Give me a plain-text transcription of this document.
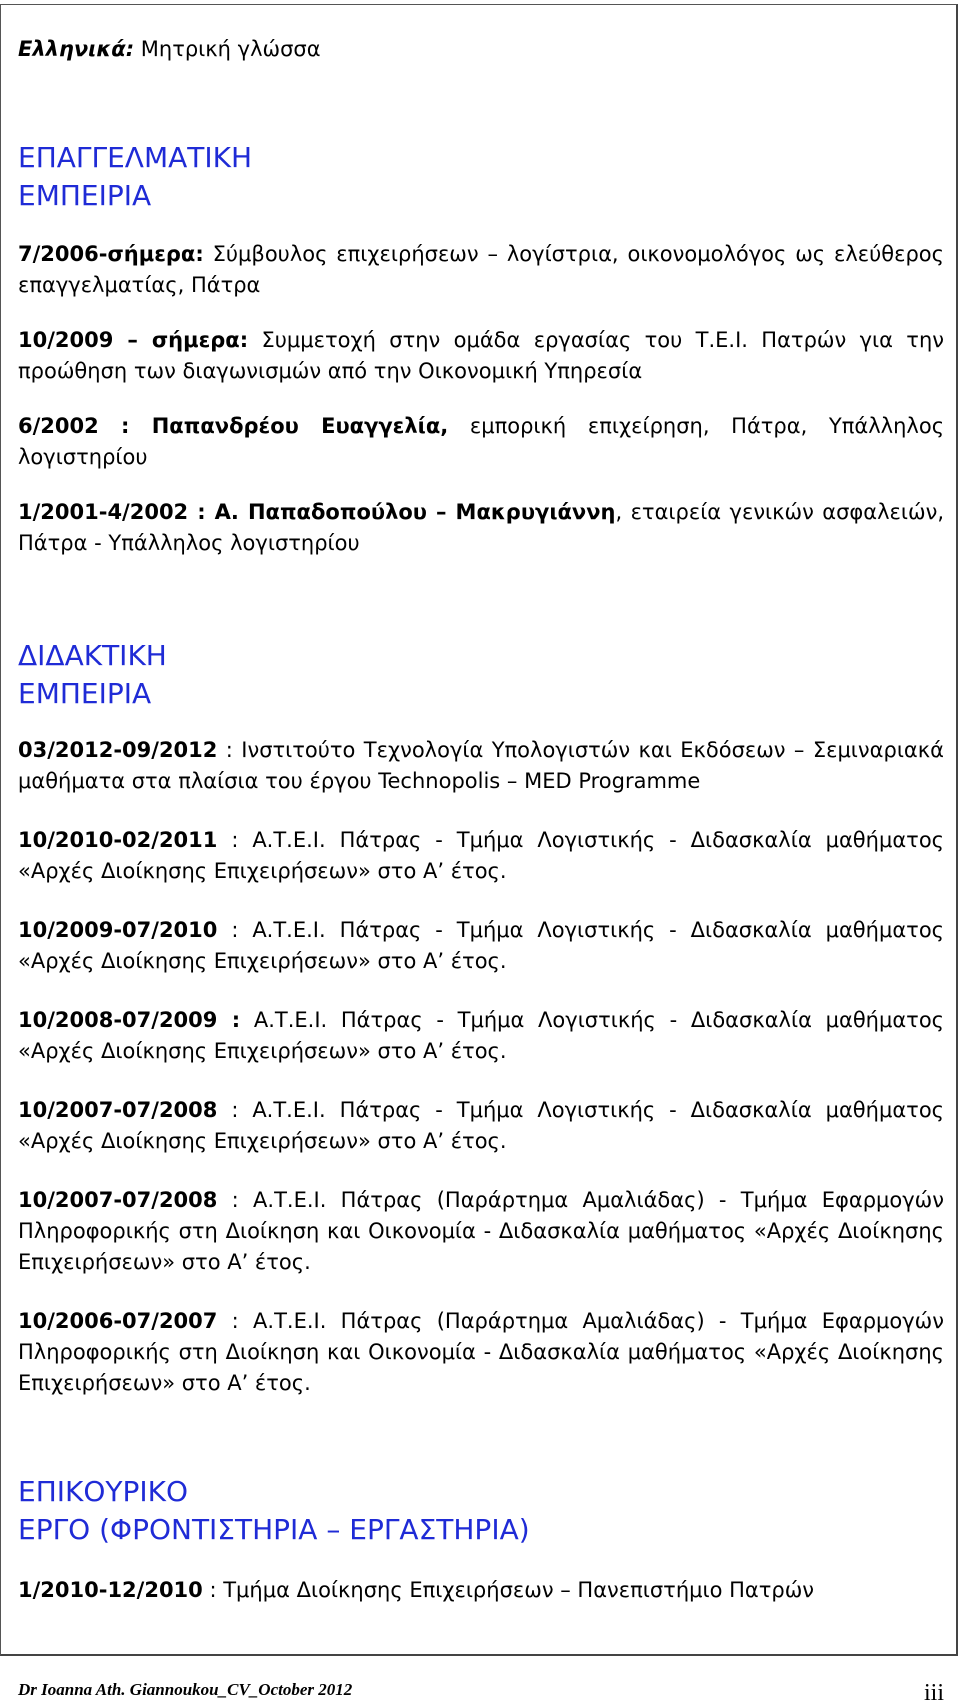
Ελληνικά: Μητρική γλώσσα

ΕΠΑΓΓΕΛΜΑΤΙΚΗ
ΕΜΠΕΙΡΙΑ

7/2006-σήμερα: Σύμβουλος επιχειρήσεων – λογίστρια, οικονομολόγος ως ελεύθερος επαγγελματίας, Πάτρα

10/2009 – σήμερα: Συμμετοχή στην ομάδα εργασίας του Τ.Ε.Ι. Πατρών για την προώθηση των διαγωνισμών από την Οικονομική Υπηρεσία

6/2002 : Παπανδρέου Ευαγγελία, εμπορική επιχείρηση, Πάτρα, Υπάλληλος λογιστηρίου

1/2001-4/2002 : Α. Παπαδοπούλου – Μακρυγιάννη, εταιρεία γενικών ασφαλειών, Πάτρα - Υπάλληλος λογιστηρίου

ΔΙΔΑΚΤΙΚΗ
ΕΜΠΕΙΡΙΑ

03/2012-09/2012 : Ινστιτούτο Τεχνολογία Υπολογιστών και Εκδόσεων – Σεμιναριακά μαθήματα στα πλαίσια του έργου Technopolis – MED Programme

10/2010-02/2011 : Α.Τ.Ε.Ι. Πάτρας - Τμήμα Λογιστικής - Διδασκαλία μαθήματος «Αρχές Διοίκησης Επιχειρήσεων» στο Α’ έτος.

10/2009-07/2010 : Α.Τ.Ε.Ι. Πάτρας - Τμήμα Λογιστικής - Διδασκαλία μαθήματος «Αρχές Διοίκησης Επιχειρήσεων» στο Α’ έτος.

10/2008-07/2009 : Α.Τ.Ε.Ι. Πάτρας - Τμήμα Λογιστικής - Διδασκαλία μαθήματος «Αρχές Διοίκησης Επιχειρήσεων» στο Α’ έτος.

10/2007-07/2008 : Α.Τ.Ε.Ι. Πάτρας - Τμήμα Λογιστικής - Διδασκαλία μαθήματος «Αρχές Διοίκησης Επιχειρήσεων» στο Α’ έτος.

10/2007-07/2008 : Α.Τ.Ε.Ι. Πάτρας (Παράρτημα Αμαλιάδας) - Τμήμα Εφαρμογών Πληροφορικής στη Διοίκηση και Οικονομία - Διδασκαλία μαθήματος «Αρχές Διοίκησης Επιχειρήσεων» στο Α’ έτος.

10/2006-07/2007 : Α.Τ.Ε.Ι. Πάτρας (Παράρτημα Αμαλιάδας) - Τμήμα Εφαρμογών Πληροφορικής στη Διοίκηση και Οικονομία - Διδασκαλία μαθήματος «Αρχές Διοίκησης Επιχειρήσεων» στο Α’ έτος.

ΕΠΙΚΟΥΡΙΚΟ
ΕΡΓΟ (ΦΡΟΝΤΙΣΤΗΡΙΑ – ΕΡΓΑΣΤΗΡΙΑ)

1/2010-12/2010 : Τμήμα Διοίκησης Επιχειρήσεων – Πανεπιστήμιο Πατρών

Dr Ioanna Ath. Giannoukou_CV_October 2012	iii
